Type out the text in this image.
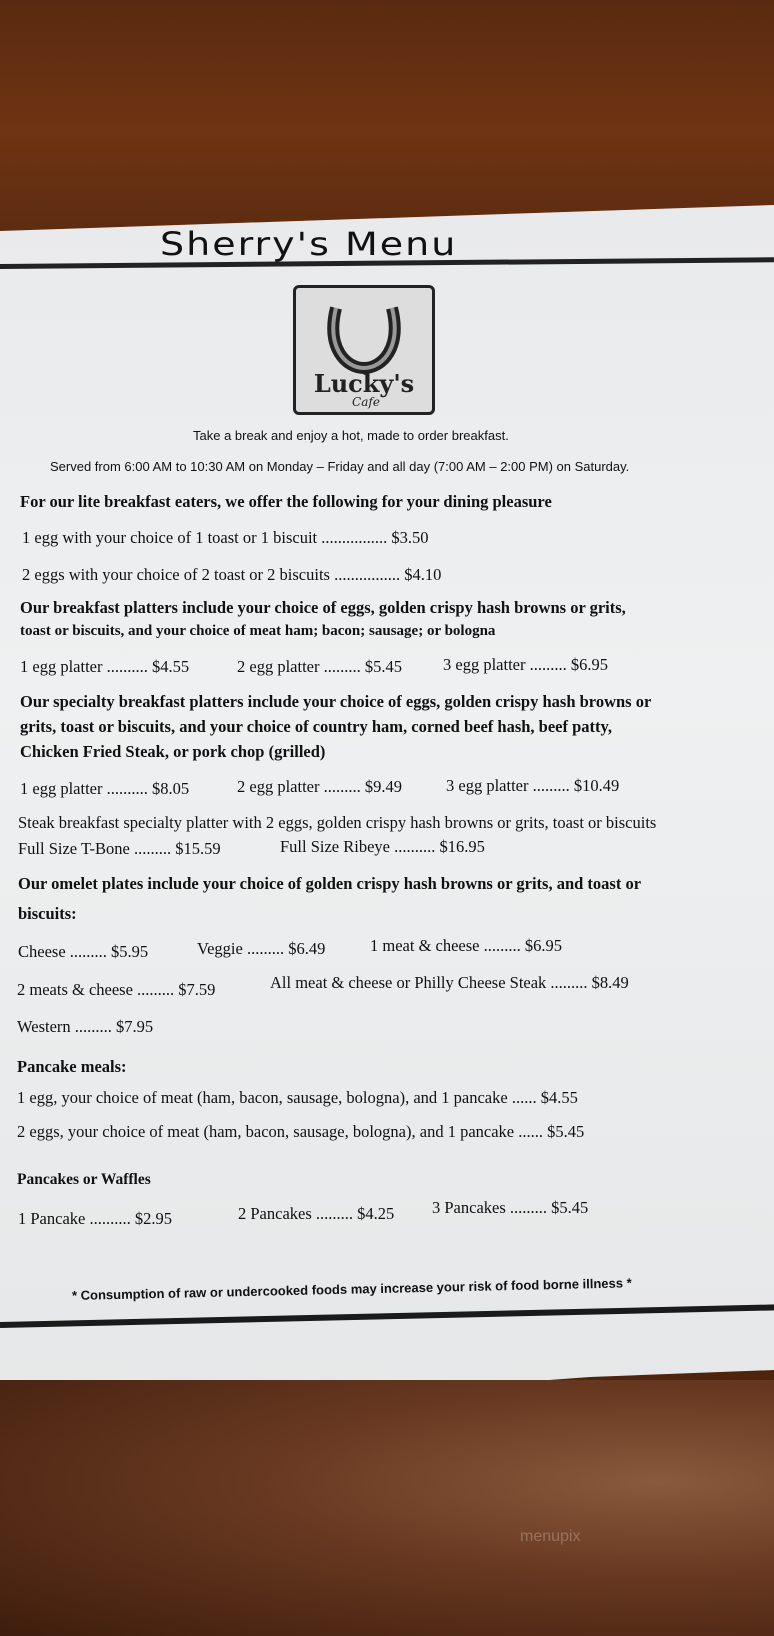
Sherry's Menu
Lucky's
Cafe
Take a break and enjoy a hot, made to order breakfast.
Served from 6:00 AM to 10:30 AM on Monday – Friday and all day (7:00 AM – 2:00 PM) on Saturday.
For our lite breakfast eaters, we offer the following for your dining pleasure
1 egg with your choice of 1 toast or 1 biscuit ................ $3.50
2 eggs with your choice of 2 toast or 2 biscuits ................ $4.10
Our breakfast platters include your choice of eggs, golden crispy hash browns or grits,
toast or biscuits, and your choice of meat ham; bacon; sausage; or bologna
1 egg platter .......... $4.55	2 egg platter ......... $5.45 3 egg platter ......... $6.95
Our specialty breakfast platters include your choice of eggs, golden crispy hash browns or
grits, toast or biscuits, and your choice of country ham, corned beef hash, beef patty,
Chicken Fried Steak, or pork chop (grilled)
1 egg platter .......... $8.05	2 egg platter ......... $9.49	3 egg platter ......... $10.49
Steak breakfast specialty platter with 2 eggs, golden crispy hash browns or grits, toast or biscuits
Full Size T-Bone ......... $15.59	Full Size Ribeye .......... $16.95
Our omelet plates include your choice of golden crispy hash browns or grits, and toast or
biscuits:
Cheese ......... $5.95	Veggie ......... $6.49	1 meat & cheese ......... $6.95
2 meats & cheese ......... $7.59	All meat & cheese or Philly Cheese Steak ......... $8.49
Western ......... $7.95
Pancake meals:
1 egg, your choice of meat (ham, bacon, sausage, bologna), and 1 pancake ...... $4.55
2 eggs, your choice of meat (ham, bacon, sausage, bologna), and 1 pancake ...... $5.45
Pancakes or Waffles
1 Pancake .......... $2.95	2 Pancakes ......... $4.25 3 Pancakes ......... $5.45
* Consumption of raw or undercooked foods may increase your risk of food borne illness *
menupix
